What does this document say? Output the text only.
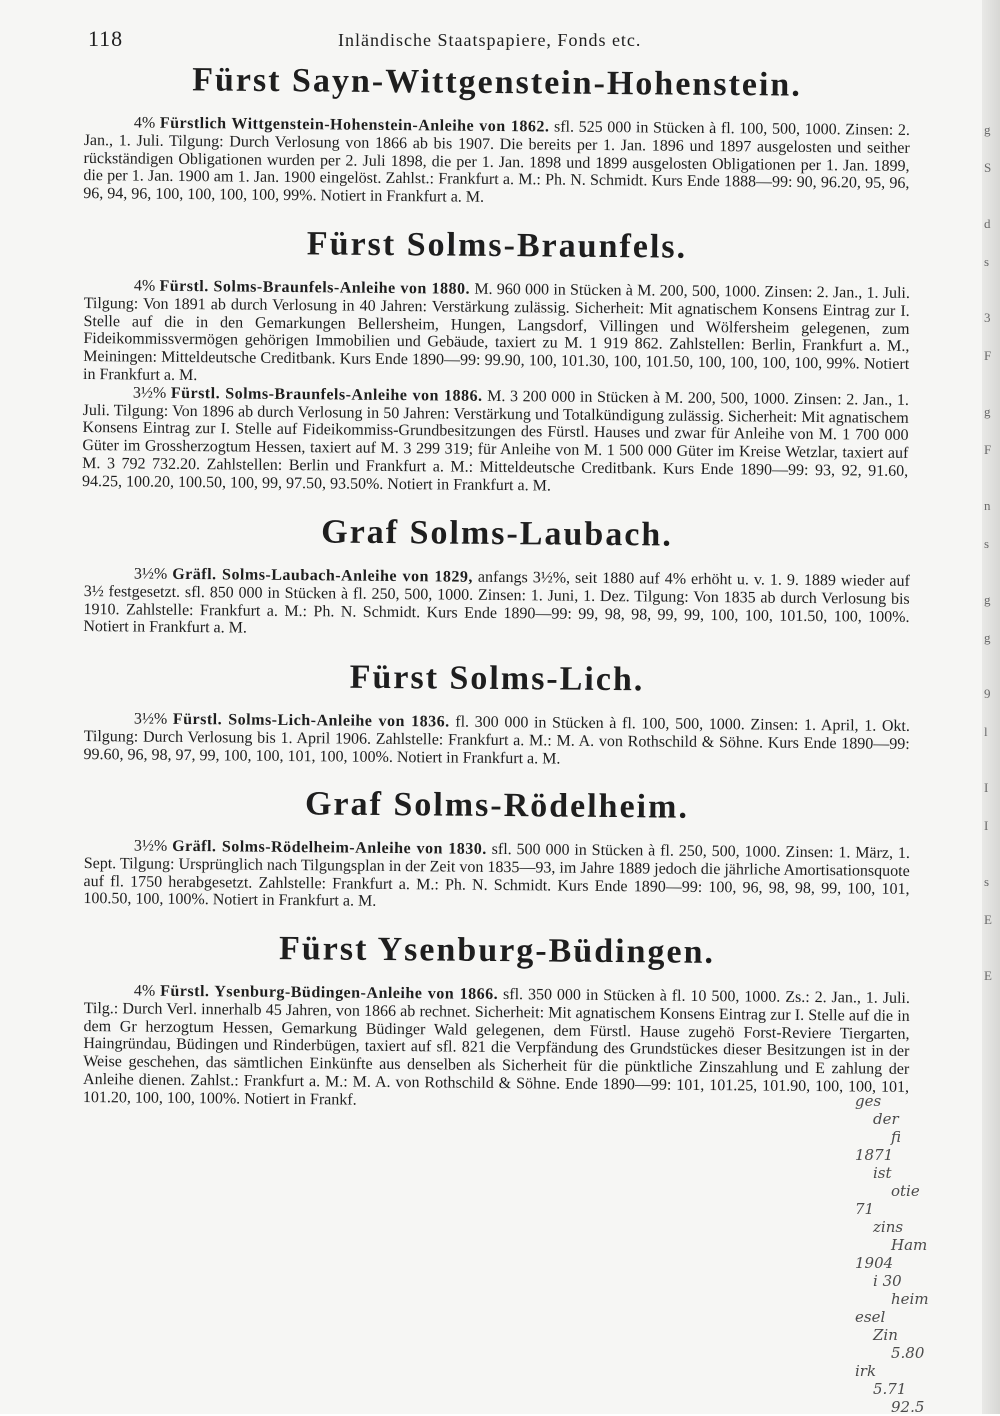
g
S
d
s
3
F
g
F
n
s
g
g
9
l
I
I
s
E
E
118	Inländische Staatspapiere, Fonds etc.
Fürst Sayn-Wittgenstein-Hohenstein.

4% Fürstlich Wittgenstein-Hohenstein-Anleihe von 1862. sfl. 525 000 in Stücken à fl. 100, 500, 1000. Zinsen: 2. Jan., 1. Juli. Tilgung: Durch Verlosung von 1866 ab bis 1907. Die bereits per 1. Jan. 1896 und 1897 ausgelosten und seither rückständigen Obligationen wurden per 2. Juli 1898, die per 1. Jan. 1898 und 1899 ausgelosten Obligationen per 1. Jan. 1899, die per 1. Jan. 1900 am 1. Jan. 1900 eingelöst. Zahlst.: Frankfurt a. M.: Ph. N. Schmidt. Kurs Ende 1888—99: 90, 96.20, 95, 96, 96, 94, 96, 100, 100, 100, 100, 99%. Notiert in Frankfurt a. M.

Fürst Solms-Braunfels.

4% Fürstl. Solms-Braunfels-Anleihe von 1880. M. 960 000 in Stücken à M. 200, 500, 1000. Zinsen: 2. Jan., 1. Juli. Tilgung: Von 1891 ab durch Verlosung in 40 Jahren: Verstärkung zulässig. Sicherheit: Mit agnatischem Konsens Eintrag zur I. Stelle auf die in den Gemarkungen Bellersheim, Hungen, Langsdorf, Villingen und Wölfersheim gelegenen, zum Fideikommissvermögen gehörigen Immobilien und Gebäude, taxiert zu M. 1 919 862. Zahlstellen: Berlin, Frankfurt a. M., Meiningen: Mitteldeutsche Creditbank. Kurs Ende 1890—99: 99.90, 100, 101.30, 100, 101.50, 100, 100, 100, 100, 99%. Notiert in Frankfurt a. M.

3½% Fürstl. Solms-Braunfels-Anleihe von 1886. M. 3 200 000 in Stücken à M. 200, 500, 1000. Zinsen: 2. Jan., 1. Juli. Tilgung: Von 1896 ab durch Verlosung in 50 Jahren: Verstärkung und Totalkündigung zulässig. Sicherheit: Mit agnatischem Konsens Eintrag zur I. Stelle auf Fideikommiss-Grundbesitzungen des Fürstl. Hauses und zwar für Anleihe von M. 1 700 000 Güter im Grossherzogtum Hessen, taxiert auf M. 3 299 319; für Anleihe von M. 1 500 000 Güter im Kreise Wetzlar, taxiert auf M. 3 792 732.20. Zahlstellen: Berlin und Frankfurt a. M.: Mitteldeutsche Creditbank. Kurs Ende 1890—99: 93, 92, 91.60, 94.25, 100.20, 100.50, 100, 99, 97.50, 93.50%. Notiert in Frankfurt a. M.

Graf Solms-Laubach.

3½% Gräfl. Solms-Laubach-Anleihe von 1829, anfangs 3½%, seit 1880 auf 4% erhöht u. v. 1. 9. 1889 wieder auf 3½ festgesetzt. sfl. 850 000 in Stücken à fl. 250, 500, 1000. Zinsen: 1. Juni, 1. Dez. Tilgung: Von 1835 ab durch Verlosung bis 1910. Zahlstelle: Frankfurt a. M.: Ph. N. Schmidt. Kurs Ende 1890—99: 99, 98, 98, 99, 99, 100, 100, 101.50, 100, 100%. Notiert in Frankfurt a. M.

Fürst Solms-Lich.

3½% Fürstl. Solms-Lich-Anleihe von 1836. fl. 300 000 in Stücken à fl. 100, 500, 1000. Zinsen: 1. April, 1. Okt. Tilgung: Durch Verlosung bis 1. April 1906. Zahlstelle: Frankfurt a. M.: M. A. von Rothschild & Söhne. Kurs Ende 1890—99: 99.60, 96, 98, 97, 99, 100, 100, 101, 100, 100%. Notiert in Frankfurt a. M.

Graf Solms-Rödelheim.

3½% Gräfl. Solms-Rödelheim-Anleihe von 1830. sfl. 500 000 in Stücken à fl. 250, 500, 1000. Zinsen: 1. März, 1. Sept. Tilgung: Ursprünglich nach Tilgungsplan in der Zeit von 1835—93, im Jahre 1889 jedoch die jährliche Amortisationsquote auf fl. 1750 herabgesetzt. Zahlstelle: Frankfurt a. M.: Ph. N. Schmidt. Kurs Ende 1890—99: 100, 96, 98, 98, 99, 100, 101, 100.50, 100, 100%. Notiert in Frankfurt a. M.

Fürst Ysenburg-Büdingen.

4% Fürstl. Ysenburg-Büdingen-Anleihe von 1866. sfl. 350 000 in Stücken à fl. 10 500, 1000. Zs.: 2. Jan., 1. Juli. Tilg.: Durch Verl. innerhalb 45 Jahren, von 1866 ab rechnet. Sicherheit: Mit agnatischem Konsens Eintrag zur I. Stelle auf die in dem Gr herzogtum Hessen, Gemarkung Büdinger Wald gelegenen, dem Fürstl. Hause zugehö Forst-Reviere Tiergarten, Haingründau, Büdingen und Rinderbügen, taxiert auf sfl. 821 die Verpfändung des Grundstückes dieser Besitzungen ist in der Weise geschehen, das sämtlichen Einkünfte aus denselben als Sicherheit für die pünktliche Zinszahlung und E zahlung der Anleihe dienen. Zahlst.: Frankfurt a. M.: M. A. von Rothschild & Söhne. Ende 1890—99: 101, 101.25, 101.90, 100, 100, 101, 101.20, 100, 100, 100%. Notiert in Frankf.	ges
der
fi
1871
ist
otie
71
zins
Ham
1904
i 30
heim
esel
Zin
5.80
irk
5.71
92.5
